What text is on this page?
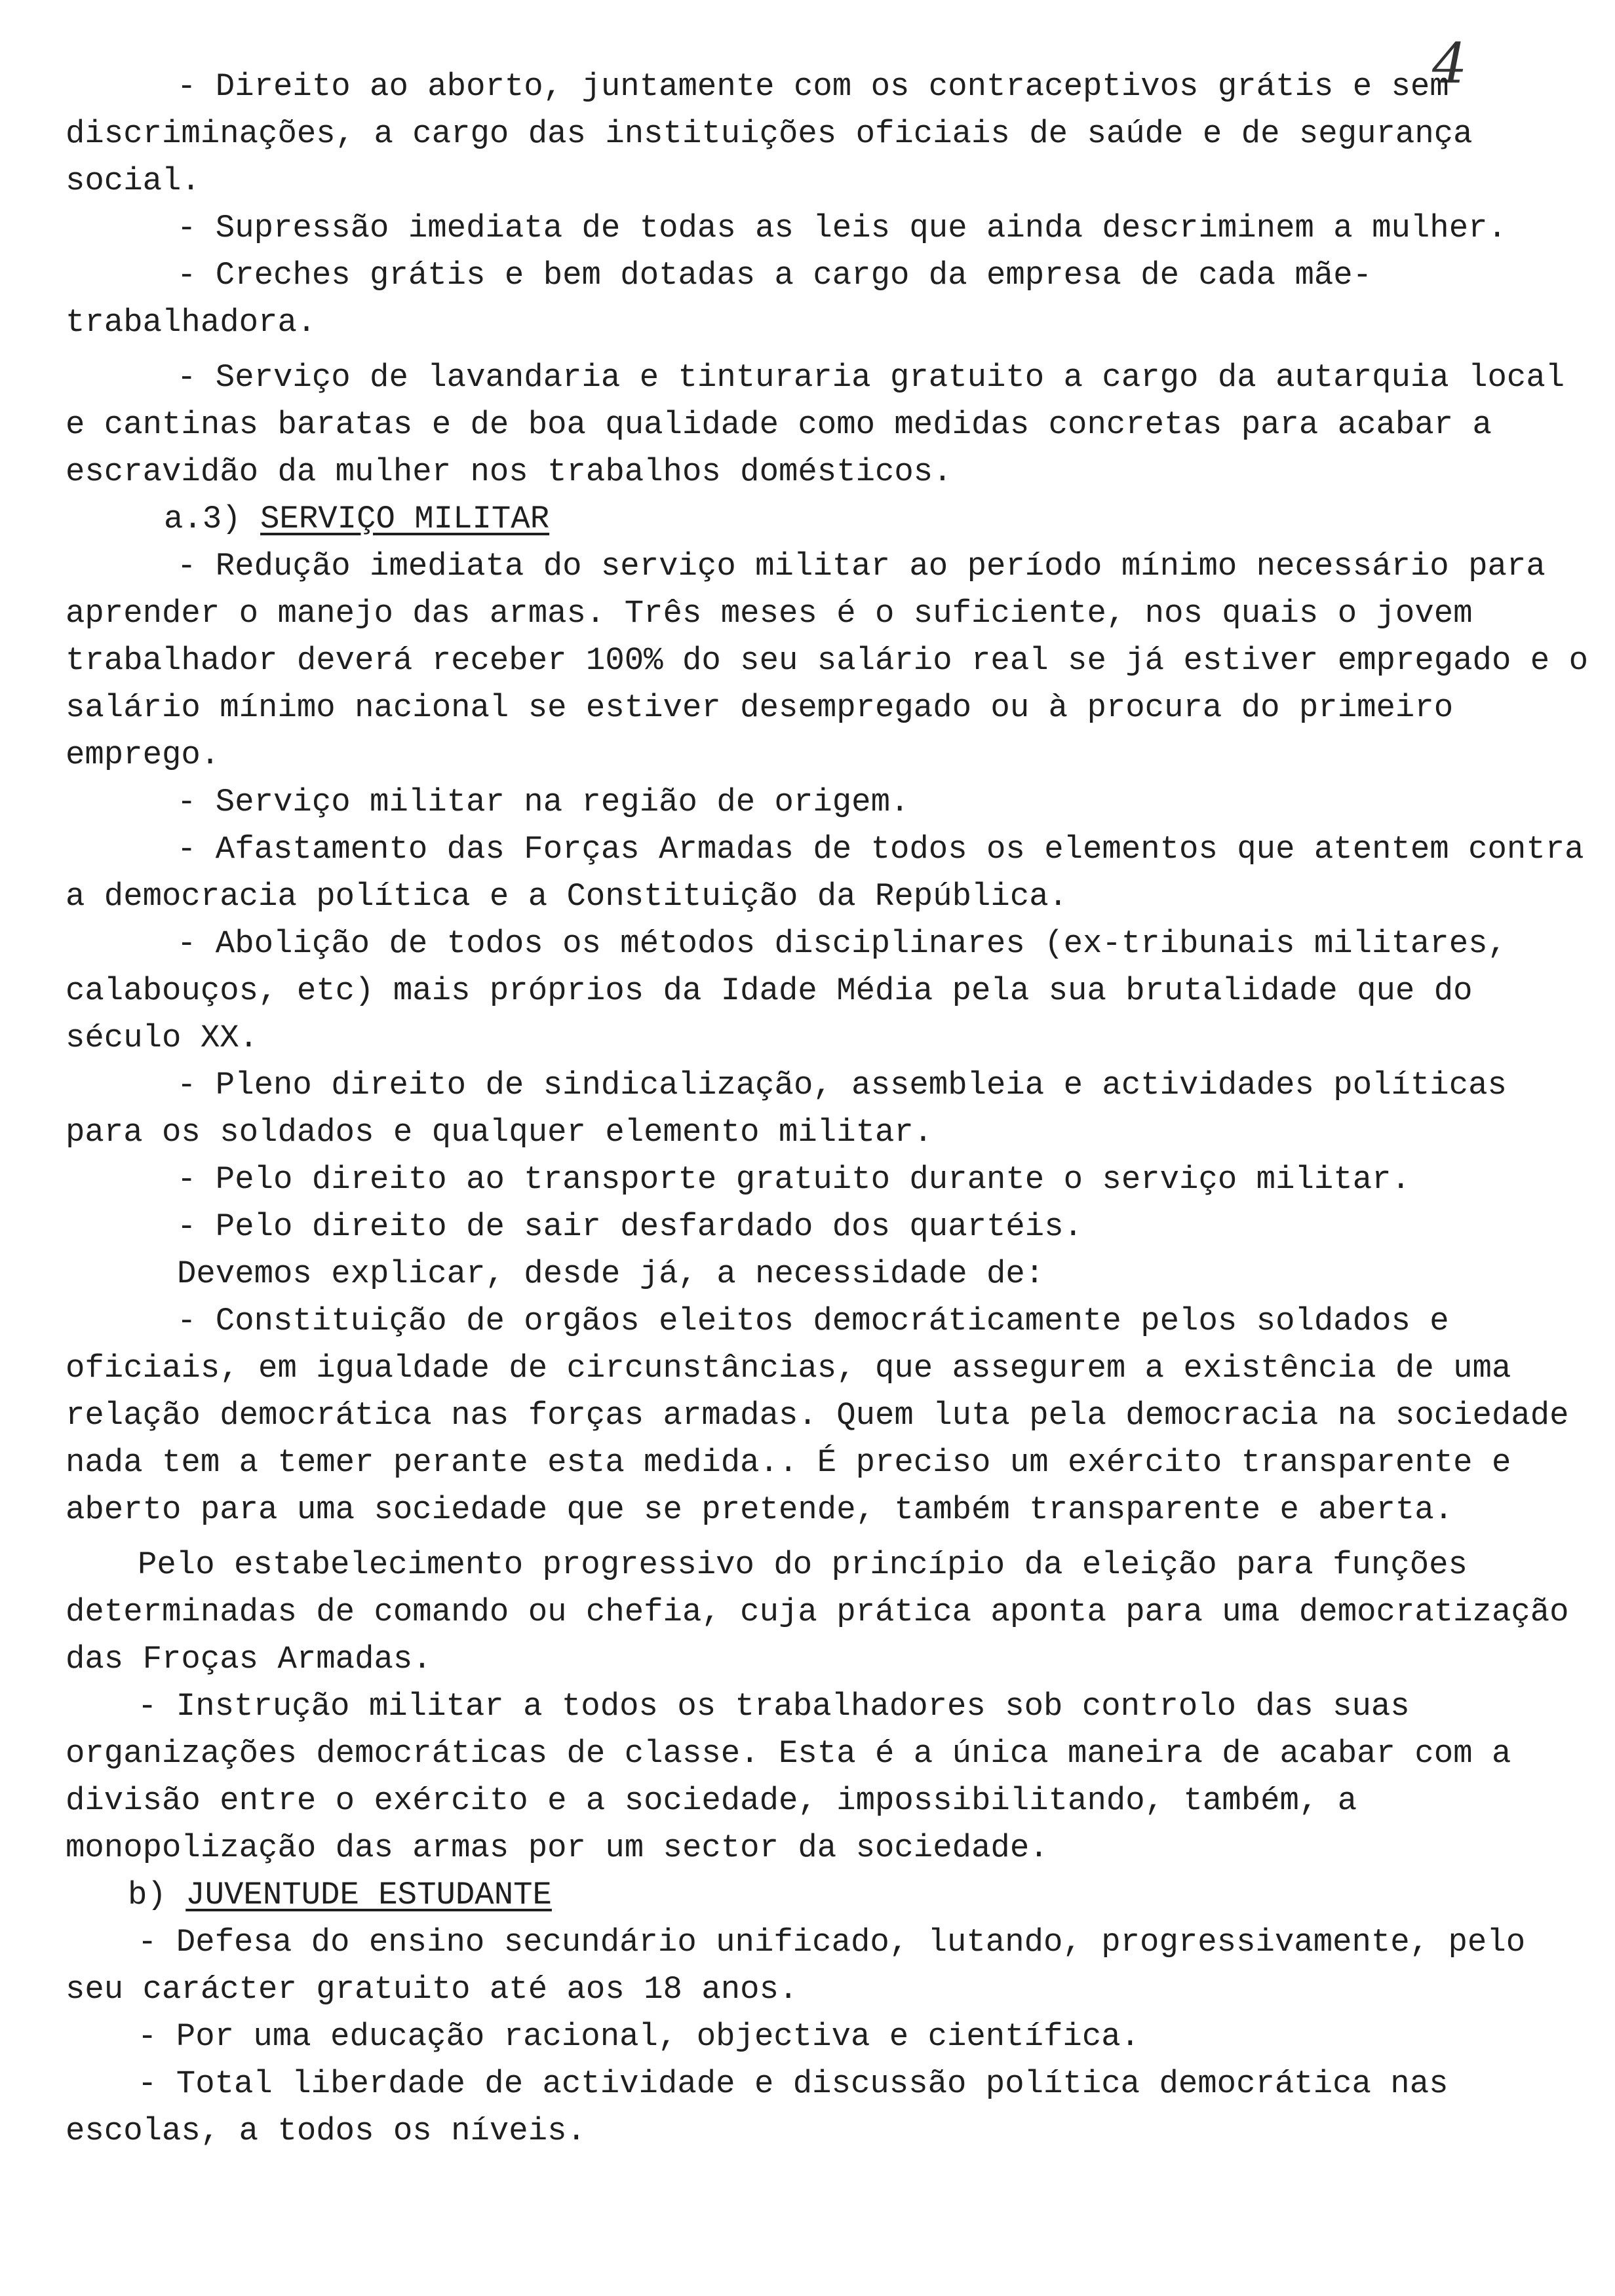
4

- Direito ao aborto, juntamente com os contraceptivos grátis e sem discriminações, a cargo das instituições oficiais de saúde e de segurança social.

- Supressão imediata de todas as leis que ainda descriminem a mulher.

- Creches grátis e bem dotadas a cargo da empresa de cada mãe-trabalhadora.

- Serviço de lavandaria e tinturaria gratuito a cargo da autarquia local e cantinas baratas e de boa qualidade como medidas concretas para acabar a escravidão da mulher nos trabalhos domésticos.

a.3) SERVIÇO MILITAR

- Redução imediata do serviço militar ao período mínimo necessário para aprender o manejo das armas. Três meses é o suficiente, nos quais o jovem trabalhador deverá receber 100% do seu salário real se já estiver empregado e o salário mínimo nacional se estiver desempregado ou à procura do primeiro emprego.

- Serviço militar na região de origem.

- Afastamento das Forças Armadas de todos os elementos que atentem contra a democracia política e a Constituição da República.

- Abolição de todos os métodos disciplinares (ex-tribunais militares, calabouços, etc) mais próprios da Idade Média pela sua brutalidade que do século XX.

- Pleno direito de sindicalização, assembleia e actividades políticas para os soldados e qualquer elemento militar.

- Pelo direito ao transporte gratuito durante o serviço militar.

- Pelo direito de sair desfardado dos quartéis.

Devemos explicar, desde já, a necessidade de:

- Constituição de orgãos eleitos democráticamente pelos soldados e oficiais, em igualdade de circunstâncias, que assegurem a existência de uma relação democrática nas forças armadas. Quem luta pela democracia na sociedade nada tem a temer perante esta medida.. É preciso um exército transparente e aberto para uma sociedade que se pretende, também transparente e aberta.

Pelo estabelecimento progressivo do princípio da eleição para funções determinadas de comando ou chefia, cuja prática aponta para uma democratização das Froças Armadas.

- Instrução militar a todos os trabalhadores sob controlo das suas organizações democráticas de classe. Esta é a única maneira de acabar com a divisão entre o exército e a sociedade, impossibilitando, também, a monopolização das armas por um sector da sociedade.

b) JUVENTUDE ESTUDANTE

- Defesa do ensino secundário unificado, lutando, progressivamente, pelo seu carácter gratuito até aos 18 anos.

- Por uma educação racional, objectiva e científica.

- Total liberdade de actividade e discussão política democrática nas escolas, a todos os níveis.
